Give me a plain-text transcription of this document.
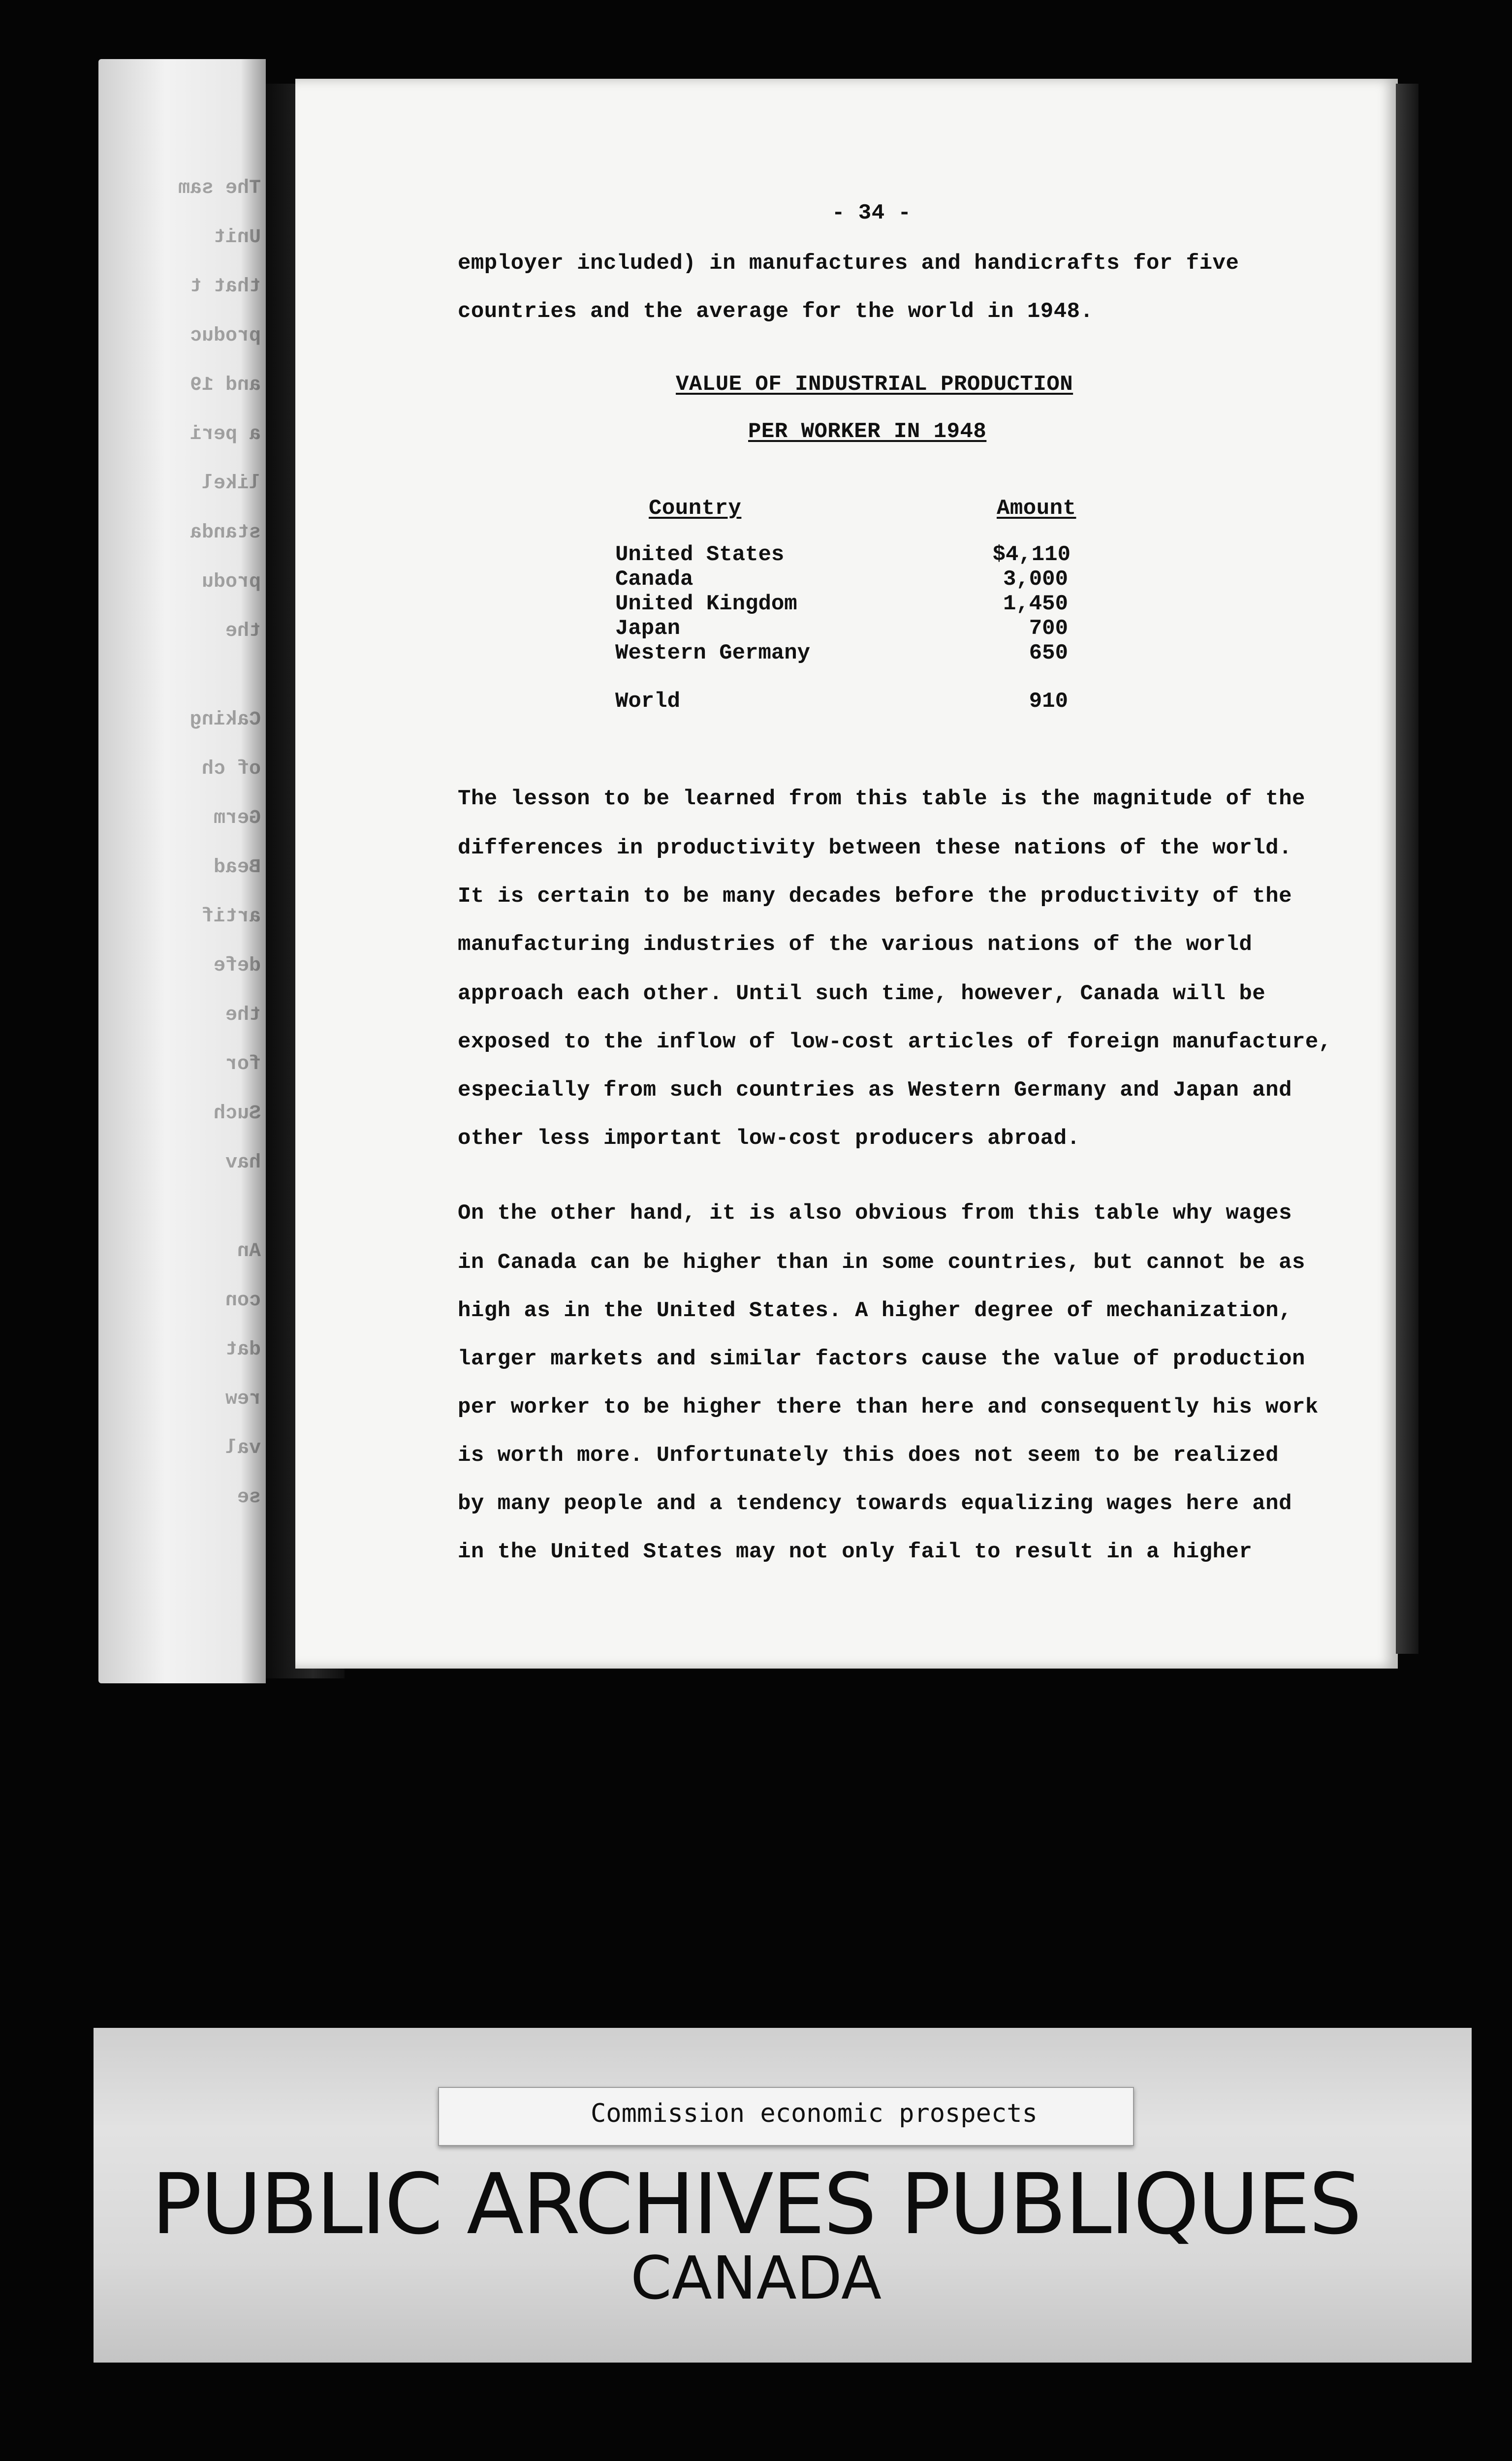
The sam
Unit
that t
produc
and 19
a peri
likel
standa
produ
the
Caking
of ch
Germ
Bead
artif
defe
the
for
Such
hav
An
con
dat
rew
val
se
- 34 -
employer included) in manufactures and handicrafts for five
countries and the average for the world in 1948.
VALUE OF INDUSTRIAL PRODUCTION
PER WORKER IN 1948
Country	Amount
United States	$4,110
Canada	3,000
United Kingdom	1,450
Japan	700
Western Germany	650
World	910
The lesson to be learned from this table is the magnitude of the
differences in productivity between these nations of the world.
It is certain to be many decades before the productivity of the
manufacturing industries of the various nations of the world
approach each other. Until such time, however, Canada will be
exposed to the inflow of low-cost articles of foreign manufacture,
especially from such countries as Western Germany and Japan and
other less important low-cost producers abroad.
On the other hand, it is also obvious from this table why wages
in Canada can be higher than in some countries, but cannot be as
high as in the United States. A higher degree of mechanization,
larger markets and similar factors cause the value of production
per worker to be higher there than here and consequently his work
is worth more. Unfortunately this does not seem to be realized
by many people and a tendency towards equalizing wages here and
in the United States may not only fail to result in a higher
Commission economic prospects
PUBLIC ARCHIVES PUBLIQUES
CANADA
